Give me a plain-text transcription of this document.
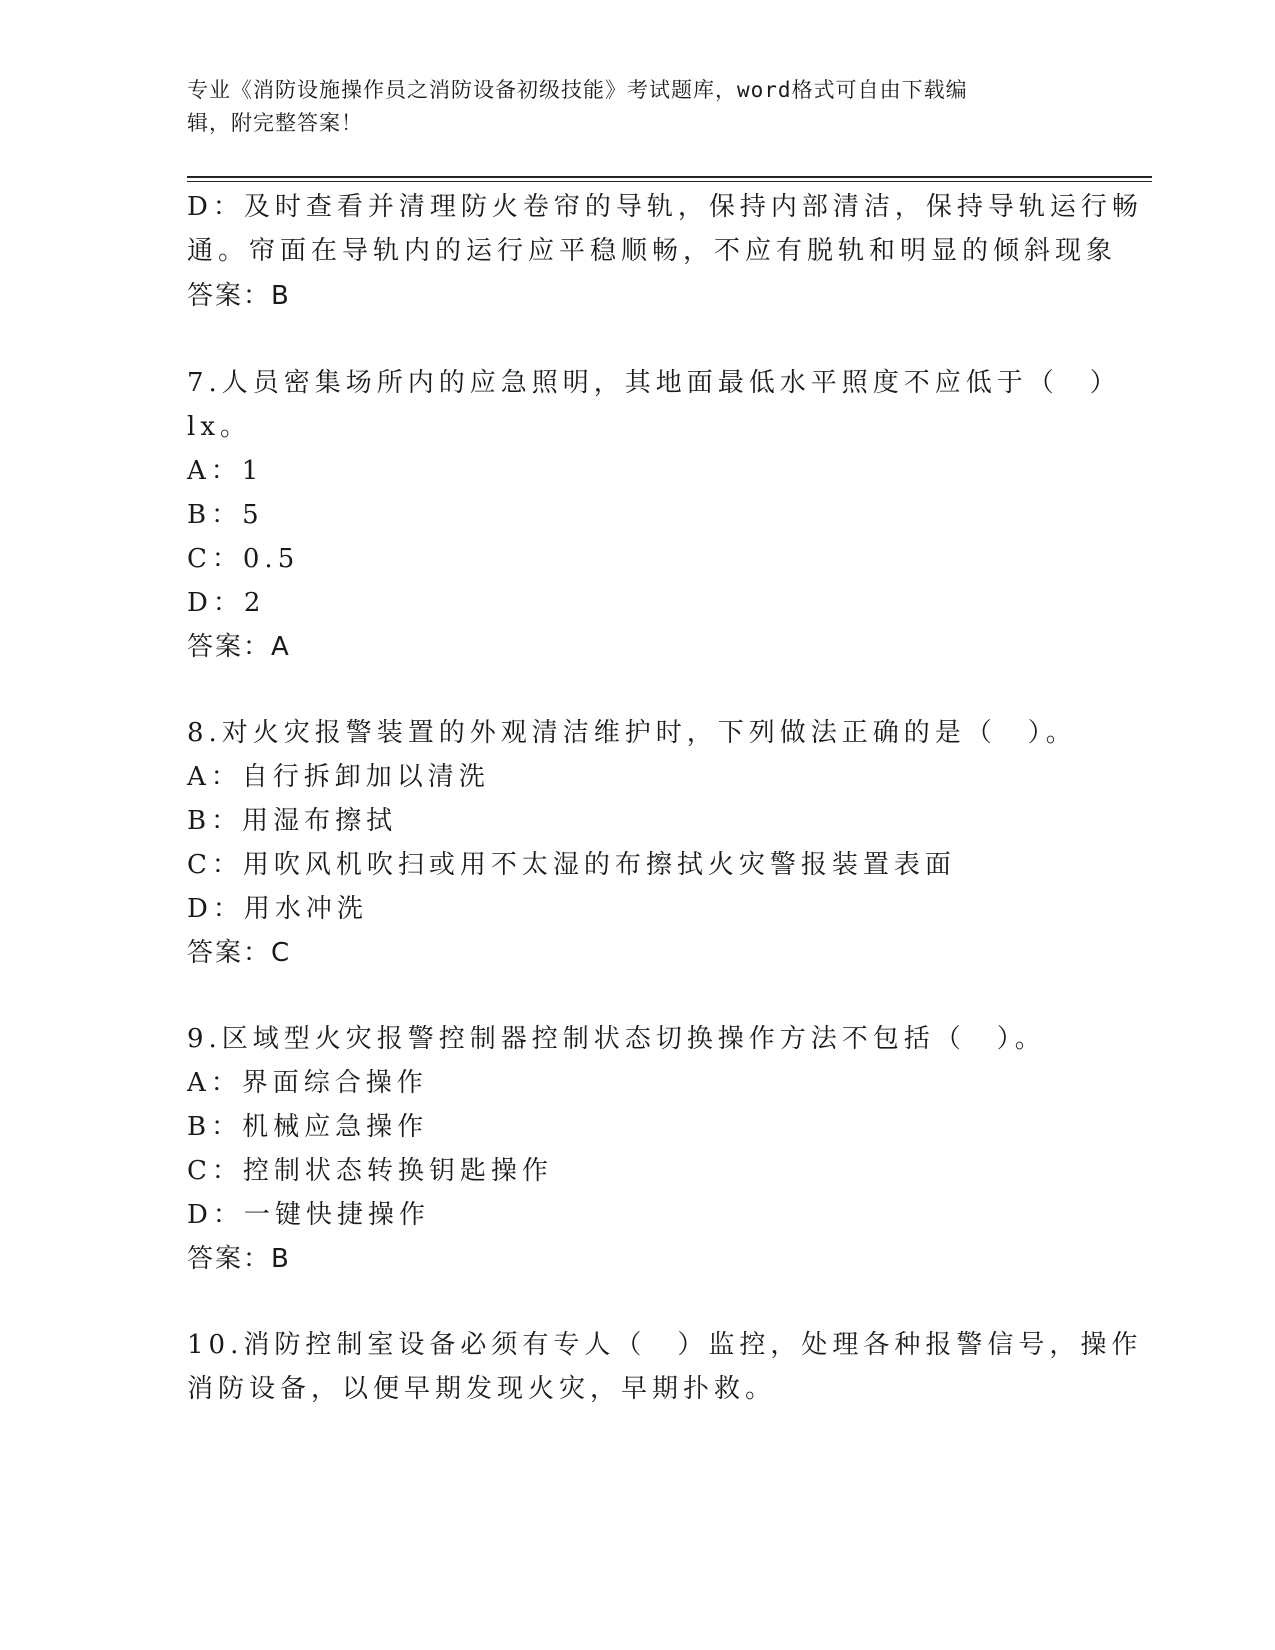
专业《消防设施操作员之消防设备初级技能》考试题库，word格式可自由下载编
辑，附完整答案！
D：及时查看并清理防火卷帘的导轨，保持内部清洁，保持导轨运行畅
通。帘面在导轨内的运行应平稳顺畅，不应有脱轨和明显的倾斜现象
答案：B
7.人员密集场所内的应急照明，其地面最低水平照度不应低于（　）
lx。
A：1
B：5
C：0.5
D：2
答案：A
8.对火灾报警装置的外观清洁维护时，下列做法正确的是（　）。
A：自行拆卸加以清洗
B：用湿布擦拭
C：用吹风机吹扫或用不太湿的布擦拭火灾警报装置表面
D：用水冲洗
答案：C
9.区域型火灾报警控制器控制状态切换操作方法不包括（　）。
A：界面综合操作
B：机械应急操作
C：控制状态转换钥匙操作
D：一键快捷操作
答案：B
10.消防控制室设备必须有专人（　）监控，处理各种报警信号，操作
消防设备，以便早期发现火灾，早期扑救。
